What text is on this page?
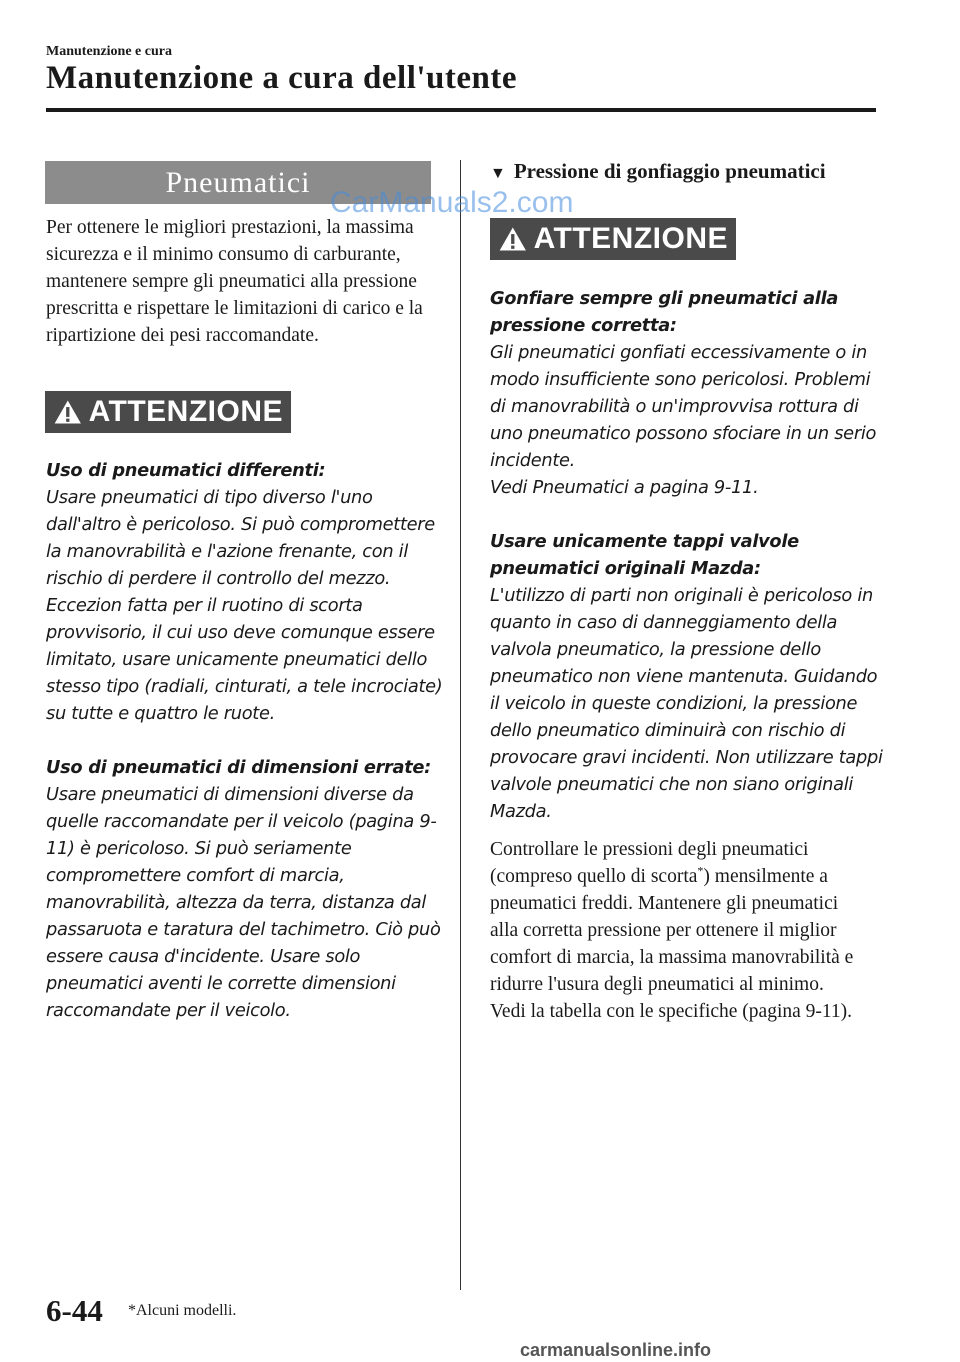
Manutenzione e cura
Manutenzione a cura dell'utente
Pneumatici
Per ottenere le migliori prestazioni, la massima sicurezza e il minimo consumo di carburante, mantenere sempre gli pneumatici alla pressione prescritta e rispettare le limitazioni di carico e la ripartizione dei pesi raccomandate.
ATTENZIONE

Uso di pneumatici differenti:

Usare pneumatici di tipo diverso l'uno dall'altro è pericoloso. Si può compromettere la manovrabilità e l'azione frenante, con il rischio di perdere il controllo del mezzo.

Eccezion fatta per il ruotino di scorta provvisorio, il cui uso deve comunque essere limitato, usare unicamente pneumatici dello stesso tipo (radiali, cinturati, a tele incrociate) su tutte e quattro le ruote.

Uso di pneumatici di dimensioni errate:

Usare pneumatici di dimensioni diverse da quelle raccomandate per il veicolo (pagina 9-11) è pericoloso. Si può seriamente compromettere comfort di marcia, manovrabilità, altezza da terra, distanza dal passaruota e taratura del tachimetro. Ciò può essere causa d'incidente. Usare solo pneumatici aventi le corrette dimensioni raccomandate per il veicolo.

▼ Pressione di gonfiaggio pneumatici
ATTENZIONE

Gonfiare sempre gli pneumatici alla pressione corretta:

Gli pneumatici gonfiati eccessivamente o in modo insufficiente sono pericolosi. Problemi di manovrabilità o un'improvvisa rottura di uno pneumatico possono sfociare in un serio incidente.

Vedi Pneumatici a pagina 9-11.

Usare unicamente tappi valvole pneumatici originali Mazda:

L'utilizzo di parti non originali è pericoloso in quanto in caso di danneggiamento della valvola pneumatico, la pressione dello pneumatico non viene mantenuta. Guidando il veicolo in queste condizioni, la pressione dello pneumatico diminuirà con rischio di provocare gravi incidenti. Non utilizzare tappi valvole pneumatici che non siano originali Mazda.

Controllare le pressioni degli pneumatici (compreso quello di scorta*) mensilmente a pneumatici freddi. Mantenere gli pneumatici alla corretta pressione per ottenere il miglior comfort di marcia, la massima manovrabilità e ridurre l'usura degli pneumatici al minimo.
Vedi la tabella con le specifiche (pagina 9-11).
CarManuals2.com
6-44 *Alcuni modelli.
carmanualsonline.info
